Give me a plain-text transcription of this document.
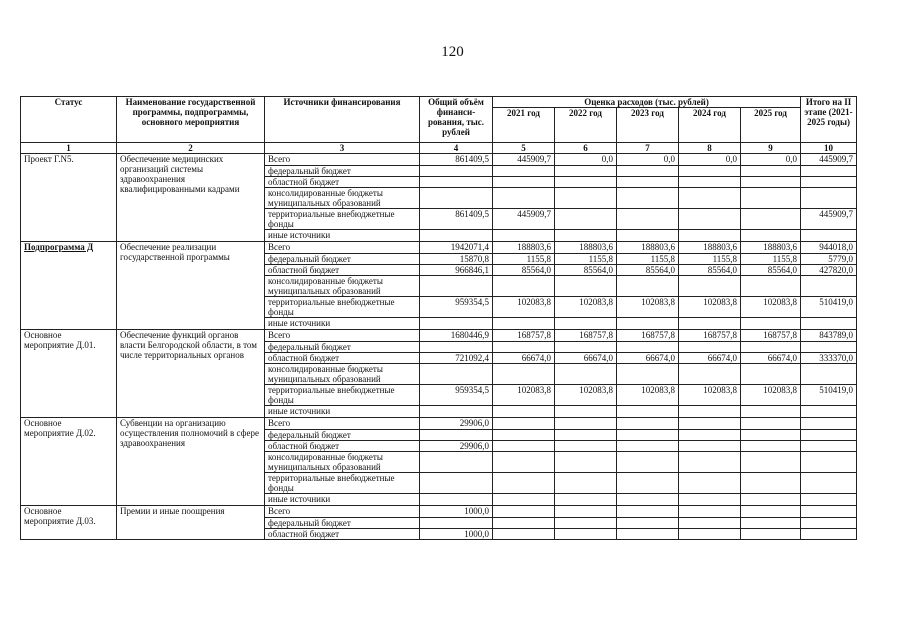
120
Статус	Наименование государственной программы, подпрограммы, основного мероприятия	Источники финансирования	Общий объём финанси-рования, тыс. рублей	Оценка расходов (тыс. рублей)					Итого на II этапе (2021-2025 годы)
				2021 год	2022 год	2023 год	2024 год	2025 год	
1	2	3	4	5	6	7	8	9	10
Проект Г.N5.	Обеспечение медицинских организаций системы здравоохранения квалифицированными кадрами	Всего	861409,5	445909,7	0,0	0,0	0,0	0,0	445909,7
		федеральный бюджет							
		областной бюджет							
		консолидированные бюджеты муниципальных образований							
		территориальные внебюджетные фонды	861409,5	445909,7					445909,7
		иные источники							
Подпрограмма Д	Обеспечение реализации государственной программы	Всего	1942071,4	188803,6	188803,6	188803,6	188803,6	188803,6	944018,0
		федеральный бюджет	15870,8	1155,8	1155,8	1155,8	1155,8	1155,8	5779,0
		областной бюджет	966846,1	85564,0	85564,0	85564,0	85564,0	85564,0	427820,0
		консолидированные бюджеты муниципальных образований							
		территориальные внебюджетные фонды	959354,5	102083,8	102083,8	102083,8	102083,8	102083,8	510419,0
		иные источники							
Основное мероприятие Д.01.	Обеспечение функций органов власти Белгородской области, в том числе территориальных органов	Всего	1680446,9	168757,8	168757,8	168757,8	168757,8	168757,8	843789,0
		федеральный бюджет							
		областной бюджет	721092,4	66674,0	66674,0	66674,0	66674,0	66674,0	333370,0
		консолидированные бюджеты муниципальных образований							
		территориальные внебюджетные фонды	959354,5	102083,8	102083,8	102083,8	102083,8	102083,8	510419,0
		иные источники							
Основное мероприятие Д.02.	Субвенции на организацию осуществления полномочий в сфере здравоохранения	Всего	29906,0						
		федеральный бюджет							
		областной бюджет	29906,0						
		консолидированные бюджеты муниципальных образований							
		территориальные внебюджетные фонды							
		иные источники							
Основное мероприятие Д.03.	Премии и иные поощрения	Всего	1000,0						
		федеральный бюджет							
		областной бюджет	1000,0						
